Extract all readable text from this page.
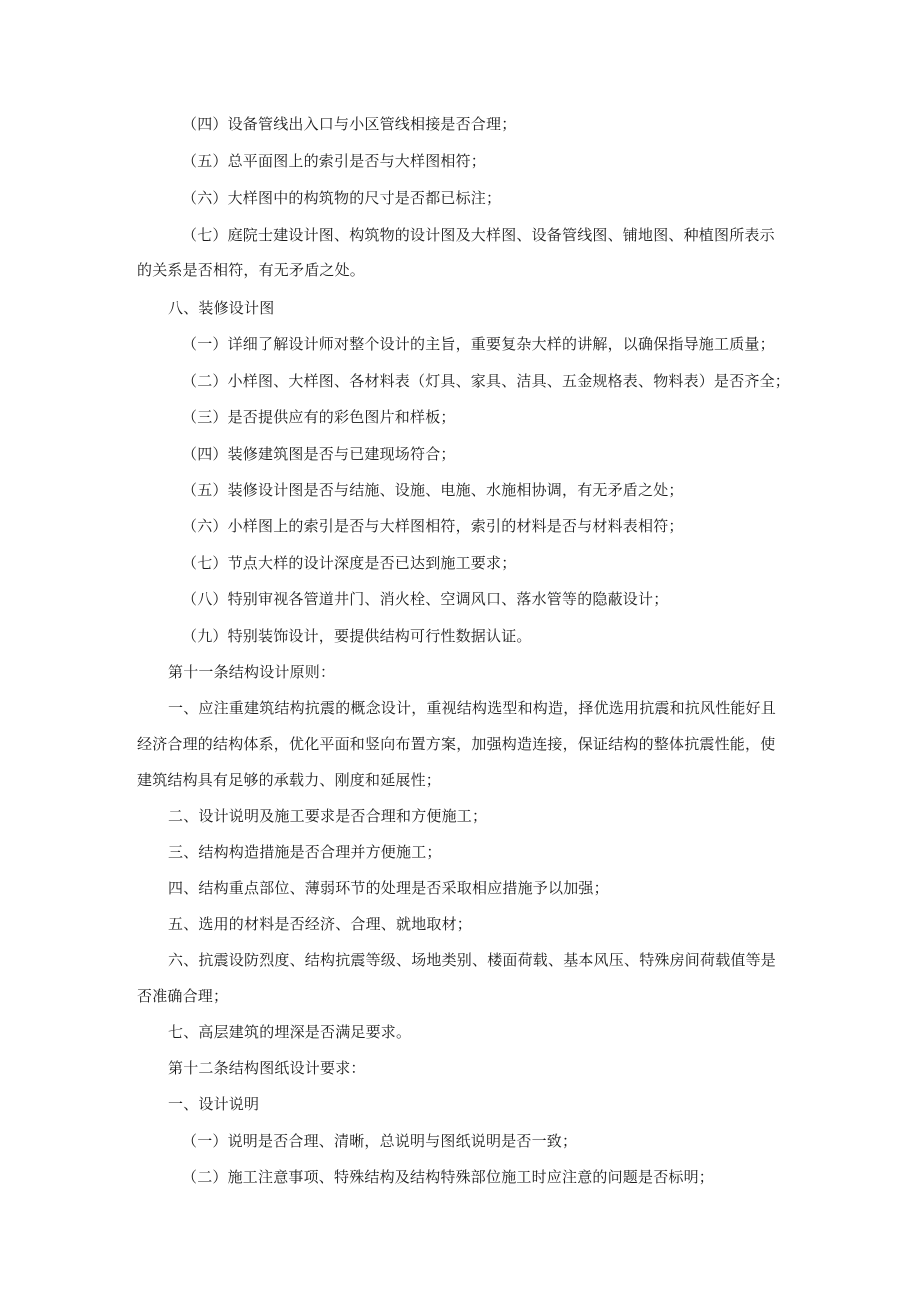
（四）设备管线出入口与小区管线相接是否合理；
（五）总平面图上的索引是否与大样图相符；
（六）大样图中的构筑物的尺寸是否都已标注；
（七）庭院士建设计图、构筑物的设计图及大样图、设备管线图、铺地图、种植图所表示
的关系是否相符，有无矛盾之处。
八、装修设计图
（一）详细了解设计师对整个设计的主旨，重要复杂大样的讲解，以确保指导施工质量；
（二）小样图、大样图、各材料表（灯具、家具、洁具、五金规格表、物料表）是否齐全；
（三）是否提供应有的彩色图片和样板；
（四）装修建筑图是否与已建现场符合；
（五）装修设计图是否与结施、设施、电施、水施相协调，有无矛盾之处；
（六）小样图上的索引是否与大样图相符，索引的材料是否与材料表相符；
（七）节点大样的设计深度是否已达到施工要求；
（八）特别审视各管道井门、消火栓、空调风口、落水管等的隐蔽设计；
（九）特别装饰设计，要提供结构可行性数据认证。
第十一条结构设计原则：
一、应注重建筑结构抗震的概念设计，重视结构选型和构造，择优选用抗震和抗风性能好且
经济合理的结构体系，优化平面和竖向布置方案，加强构造连接，保证结构的整体抗震性能，使
建筑结构具有足够的承载力、刚度和延展性；
二、设计说明及施工要求是否合理和方便施工；
三、结构构造措施是否合理并方便施工；
四、结构重点部位、薄弱环节的处理是否采取相应措施予以加强；
五、选用的材料是否经济、合理、就地取材；
六、抗震设防烈度、结构抗震等级、场地类别、楼面荷载、基本风压、特殊房间荷载值等是
否准确合理；
七、高层建筑的埋深是否满足要求。
第十二条结构图纸设计要求：
一、设计说明
（一）说明是否合理、清晰，总说明与图纸说明是否一致；
（二）施工注意事项、特殊结构及结构特殊部位施工时应注意的问题是否标明；
